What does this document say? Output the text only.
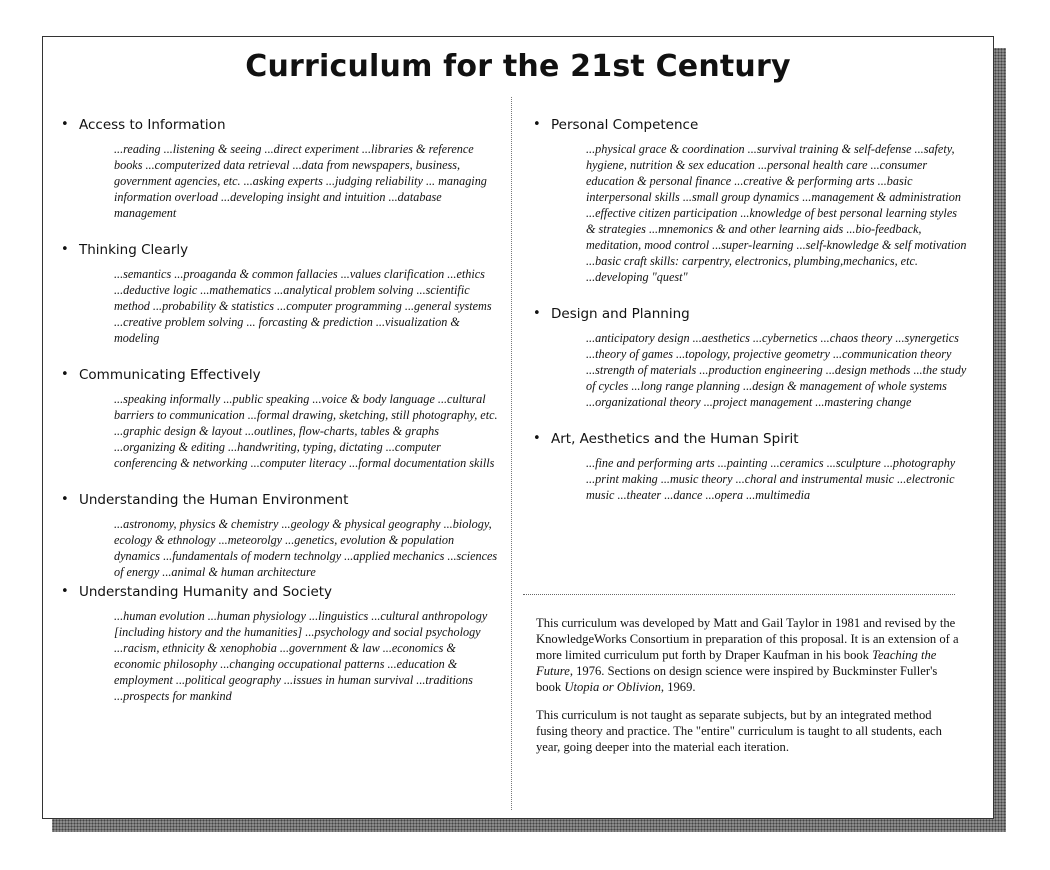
Curriculum for the 21st Century
• Access to Information
...reading ...listening & seeing ...direct experiment ...libraries & reference books ...computerized data retrieval ...data from newspapers, business, government agencies, etc. ...asking experts ...judging reliability ... managing information overload ...developing insight and intuition ...database management
• Thinking Clearly
...semantics ...proaganda & common fallacies ...values clarification ...ethics ...deductive logic ...mathematics ...analytical problem solving ...scientific method ...probability & statistics ...computer programming ...general systems ...creative problem solving ... forcasting & prediction ...visualization & modeling
• Communicating Effectively
...speaking informally ...public speaking ...voice & body language ...cultural barriers to communication ...formal drawing, sketching, still photography, etc. ...graphic design & layout ...outlines, flow-charts, tables & graphs ...organizing & editing ...handwriting, typing, dictating ...computer conferencing & networking ...computer literacy ...formal documentation skills
• Understanding the Human Environment
...astronomy, physics & chemistry ...geology & physical geography ...biology, ecology & ethnology ...meteorolgy ...genetics, evolution & population dynamics ...fundamentals of modern technolgy ...applied mechanics ...sciences of energy ...animal & human architecture
• Understanding Humanity and Society
...human evolution ...human physiology ...linguistics ...cultural anthropology [including history and the humanities] ...psychology and social psychology ...racism, ethnicity & xenophobia ...government & law ...economics & economic philosophy ...changing occupational patterns ...education & employment ...political geography ...issues in human survival ...traditions ...prospects for mankind
• Personal Competence
...physical grace & coordination ...survival training & self-defense ...safety, hygiene, nutrition & sex education ...personal health care ...consumer education & personal finance ...creative & performing arts ...basic interpersonal skills ...small group dynamics ...management & administration ...effective citizen participation ...knowledge of best personal learning styles & strategies ...mnemonics & and other learning aids ...bio-feedback, meditation, mood control ...super-learning ...self-knowledge & self motivation ...basic craft skills: carpentry, electronics, plumbing,mechanics, etc. ...developing "quest"
• Design and Planning
...anticipatory design ...aesthetics ...cybernetics ...chaos theory ...synergetics ...theory of games ...topology, projective geometry ...communication theory ...strength of materials ...production engineering ...design methods ...the study of cycles ...long range planning ...design & management of whole systems ...organizational theory ...project management ...mastering change
• Art, Aesthetics and the Human Spirit
...fine and performing arts ...painting ...ceramics ...sculpture ...photography ...print making ...music theory ...choral and instrumental music ...electronic music ...theater ...dance ...opera ...multimedia

This curriculum was developed by Matt and Gail Taylor in 1981 and revised by the KnowledgeWorks Consortium in preparation of this proposal. It is an extension of a more limited curriculum put forth by Draper Kaufman in his book Teaching the Future, 1976. Sections on design science were inspired by Buckminster Fuller's book Utopia or Oblivion, 1969.

This curriculum is not taught as separate subjects, but by an integrated method fusing theory and practice. The "entire" curriculum is taught to all students, each year, going deeper into the material each iteration.
